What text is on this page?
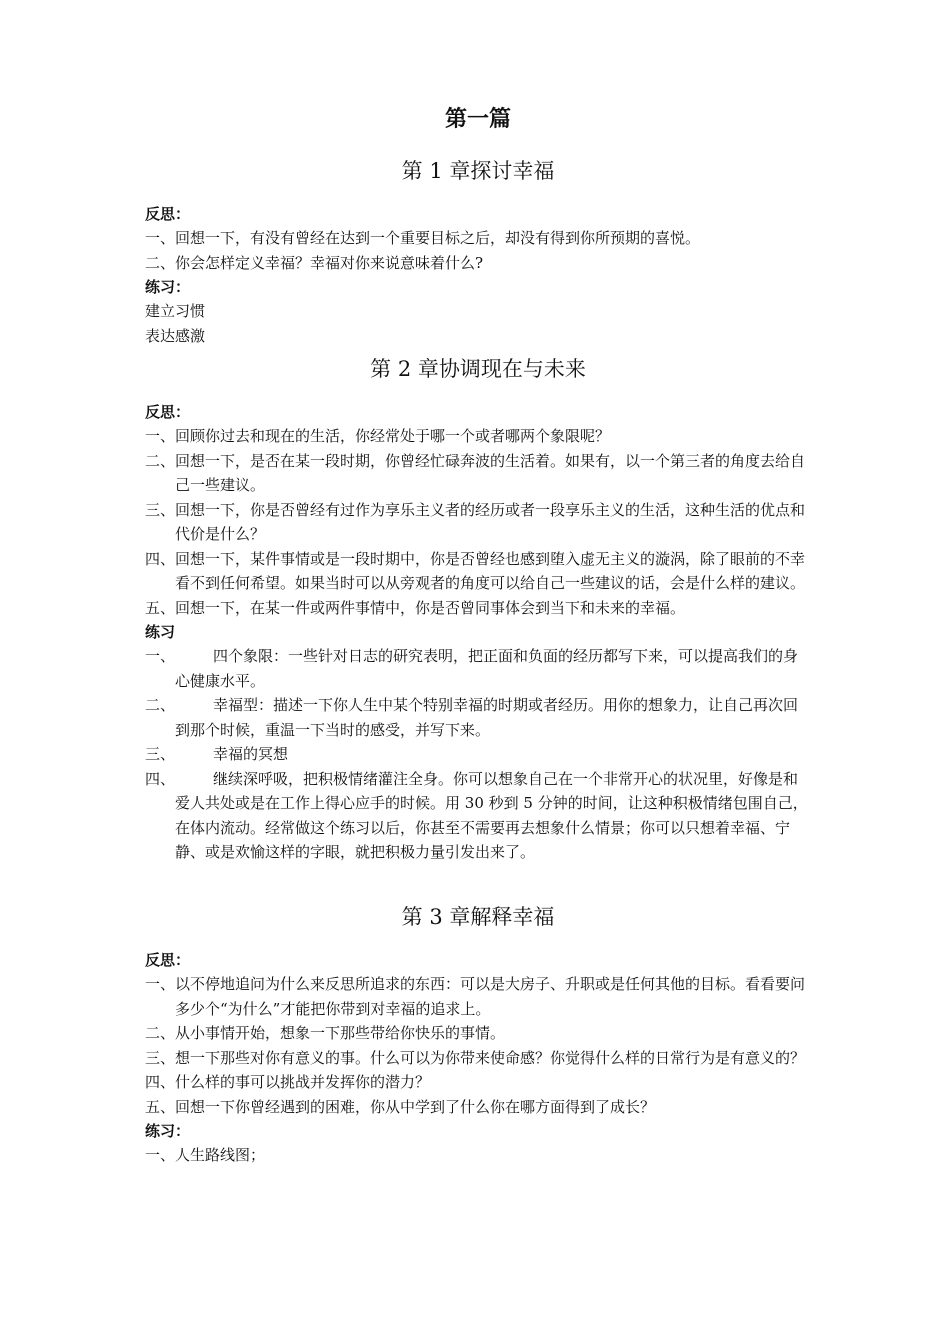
第一篇
第 1 章探讨幸福
反思：
一、回想一下，有没有曾经在达到一个重要目标之后，却没有得到你所预期的喜悦。
二、你会怎样定义幸福？幸福对你来说意味着什么?
练习：
建立习惯
表达感激
第 2 章协调现在与未来
反思：
一、回顾你过去和现在的生活，你经常处于哪一个或者哪两个象限呢？
二、回想一下，是否在某一段时期，你曾经忙碌奔波的生活着。如果有，以一个第三者的角度去给自己一些建议。
三、回想一下，你是否曾经有过作为享乐主义者的经历或者一段享乐主义的生活，这种生活的优点和代价是什么？
四、回想一下，某件事情或是一段时期中，你是否曾经也感到堕入虚无主义的漩涡，除了眼前的不幸看不到任何希望。如果当时可以从旁观者的角度可以给自己一些建议的话，会是什么样的建议。
五、回想一下，在某一件或两件事情中，你是否曾同事体会到当下和未来的幸福。
练习
一、	四个象限：一些针对日志的研究表明，把正面和负面的经历都写下来，可以提高我们的身心健康水平。
二、	幸福型：描述一下你人生中某个特别幸福的时期或者经历。用你的想象力，让自己再次回到那个时候，重温一下当时的感受，并写下来。
三、	幸福的冥想
四、	继续深呼吸，把积极情绪灌注全身。你可以想象自己在一个非常开心的状况里，好像是和爱人共处或是在工作上得心应手的时候。用 30 秒到 5 分钟的时间，让这种积极情绪包围自己，在体内流动。经常做这个练习以后，你甚至不需要再去想象什么情景；你可以只想着幸福、宁静、或是欢愉这样的字眼，就把积极力量引发出来了。
第 3 章解释幸福
反思：
一、以不停地追问为什么来反思所追求的东西：可以是大房子、升职或是任何其他的目标。看看要问多少个“为什么”才能把你带到对幸福的追求上。
二、从小事情开始，想象一下那些带给你快乐的事情。
三、想一下那些对你有意义的事。什么可以为你带来使命感？你觉得什么样的日常行为是有意义的？
四、什么样的事可以挑战并发挥你的潜力？
五、回想一下你曾经遇到的困难，你从中学到了什么你在哪方面得到了成长？
练习：
一、人生路线图；
